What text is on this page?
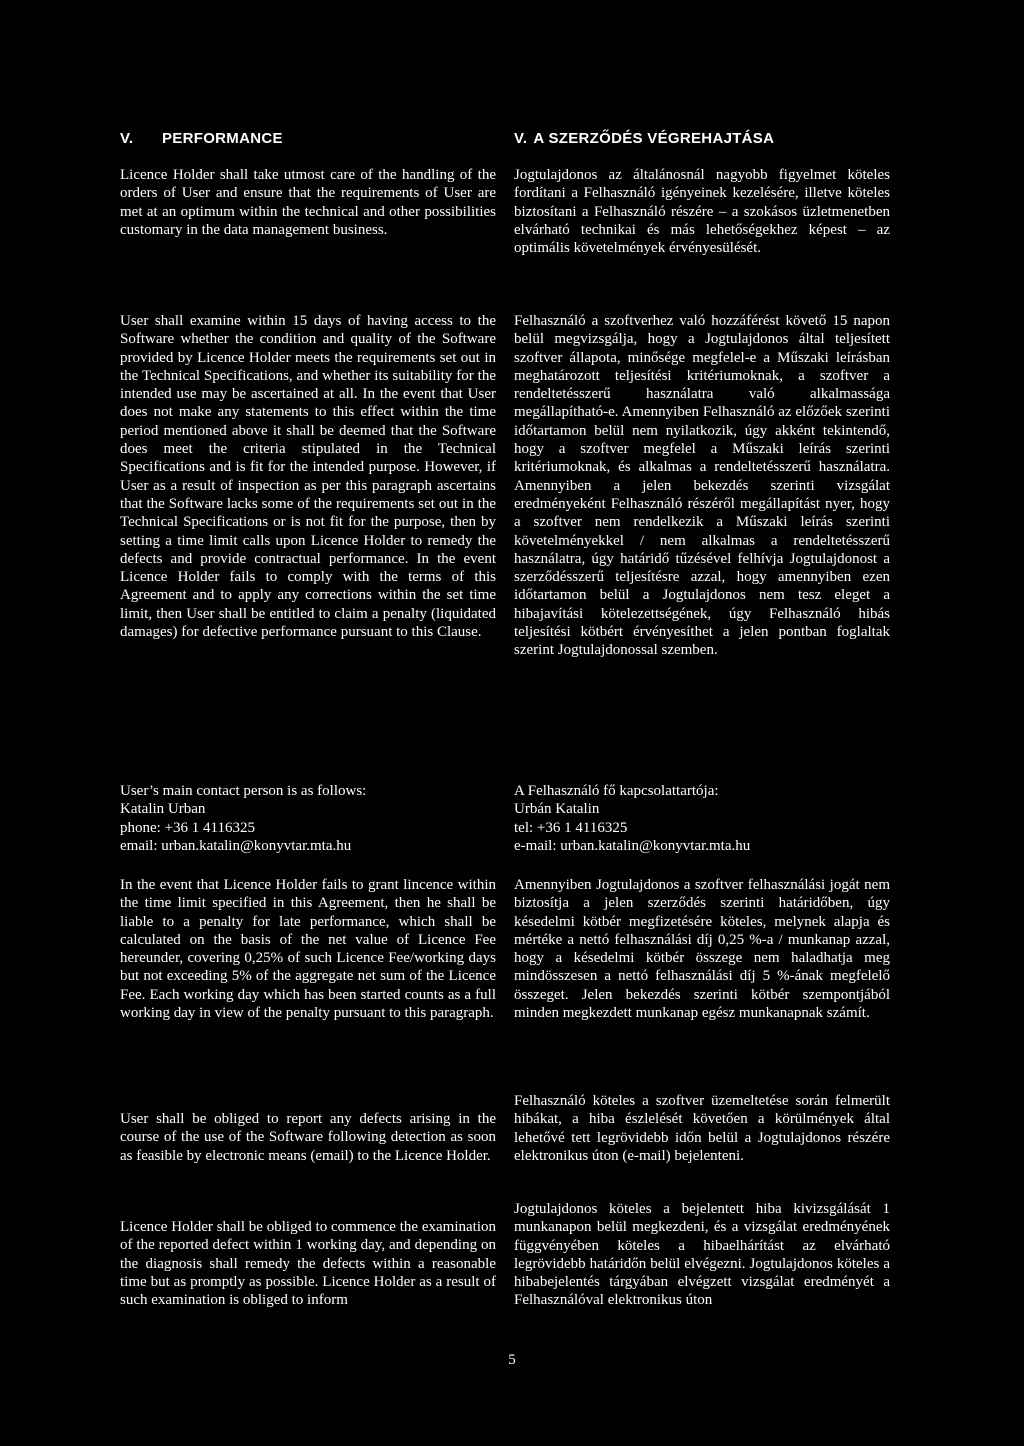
V. PERFORMANCE

Licence Holder shall take utmost care of the handling of the orders of User and ensure that the requirements of User are met at an optimum within the technical and other possibilities customary in the data management business.

User shall examine within 15 days of having access to the Software whether the condition and quality of the Software provided by Licence Holder meets the requirements set out in the Technical Specifications, and whether its suitability for the intended use may be ascertained at all. In the event that User does not make any statements to this effect within the time period mentioned above it shall be deemed that the Software does meet the criteria stipulated in the Technical Specifications and is fit for the intended purpose. However, if User as a result of inspection as per this paragraph ascertains that the Software lacks some of the requirements set out in the Technical Specifications or is not fit for the purpose, then by setting a time limit calls upon Licence Holder to remedy the defects and provide contractual performance. In the event Licence Holder fails to comply with the terms of this Agreement and to apply any corrections within the set time limit, then User shall be entitled to claim a penalty (liquidated damages) for defective performance pursuant to this Clause.

User’s main contact person is as follows:

Katalin Urban

phone: +36 1 4116325

email: urban.katalin@konyvtar.mta.hu

In the event that Licence Holder fails to grant lincence within the time limit specified in this Agreement, then he shall be liable to a penalty for late performance, which shall be calculated on the basis of the net value of Licence Fee hereunder, covering 0,25% of such Licence Fee/working days but not exceeding 5% of the aggregate net sum of the Licence Fee. Each working day which has been started counts as a full working day in view of the penalty pursuant to this paragraph.

User shall be obliged to report any defects arising in the course of the use of the Software following detection as soon as feasible by electronic means (email) to the Licence Holder.

Licence Holder shall be obliged to commence the examination of the reported defect within 1 working day, and depending on the diagnosis shall remedy the defects within a reasonable time but as promptly as possible. Licence Holder as a result of such examination is obliged to inform

V. A SZERZŐDÉS VÉGREHAJTÁSA

Jogtulajdonos az általánosnál nagyobb figyelmet köteles fordítani a Felhasználó igényeinek kezelésére, illetve köteles biztosítani a Felhasználó részére – a szokásos üzletmenetben elvárható technikai és más lehetőségekhez képest – az optimális követelmények érvényesülését.

Felhasználó a szoftverhez való hozzáférést követő 15 napon belül megvizsgálja, hogy a Jogtulajdonos által teljesített szoftver állapota, minősége megfelel-e a Műszaki leírásban meghatározott teljesítési kritériumoknak, a szoftver a rendeltetésszerű használatra való alkalmassága megállapítható-e. Amennyiben Felhasználó az előzőek szerinti időtartamon belül nem nyilatkozik, úgy akként tekintendő, hogy a szoftver megfelel a Műszaki leírás szerinti kritériumoknak, és alkalmas a rendeltetésszerű használatra. Amennyiben a jelen bekezdés szerinti vizsgálat eredményeként Felhasználó részéről megállapítást nyer, hogy a szoftver nem rendelkezik a Műszaki leírás szerinti követelményekkel / nem alkalmas a rendeltetésszerű használatra, úgy határidő tűzésével felhívja Jogtulajdonost a szerződésszerű teljesítésre azzal, hogy amennyiben ezen időtartamon belül a Jogtulajdonos nem tesz eleget a hibajavítási kötelezettségének, úgy Felhasználó hibás teljesítési kötbért érvényesíthet a jelen pontban foglaltak szerint Jogtulajdonossal szemben.

A Felhasználó fő kapcsolattartója:

Urbán Katalin

tel: +36 1 4116325

e-mail: urban.katalin@konyvtar.mta.hu

Amennyiben Jogtulajdonos a szoftver felhasználási jogát nem biztosítja a jelen szerződés szerinti határidőben, úgy késedelmi kötbér megfizetésére köteles, melynek alapja és mértéke a nettó felhasználási díj 0,25 %-a / munkanap azzal, hogy a késedelmi kötbér összege nem haladhatja meg mindösszesen a nettó felhasználási díj 5 %-ának megfelelő összeget. Jelen bekezdés szerinti kötbér szempontjából minden megkezdett munkanap egész munkanapnak számít.

Felhasználó köteles a szoftver üzemeltetése során felmerült hibákat, a hiba észlelését követően a körülmények által lehetővé tett legrövidebb időn belül a Jogtulajdonos részére elektronikus úton (e-mail) bejelenteni.

Jogtulajdonos köteles a bejelentett hiba kivizsgálását 1 munkanapon belül megkezdeni, és a vizsgálat eredményének függvényében köteles a hibaelhárítást az elvárható legrövidebb határidőn belül elvégezni. Jogtulajdonos köteles a hibabejelentés tárgyában elvégzett vizsgálat eredményét a Felhasználóval elektronikus úton

5
